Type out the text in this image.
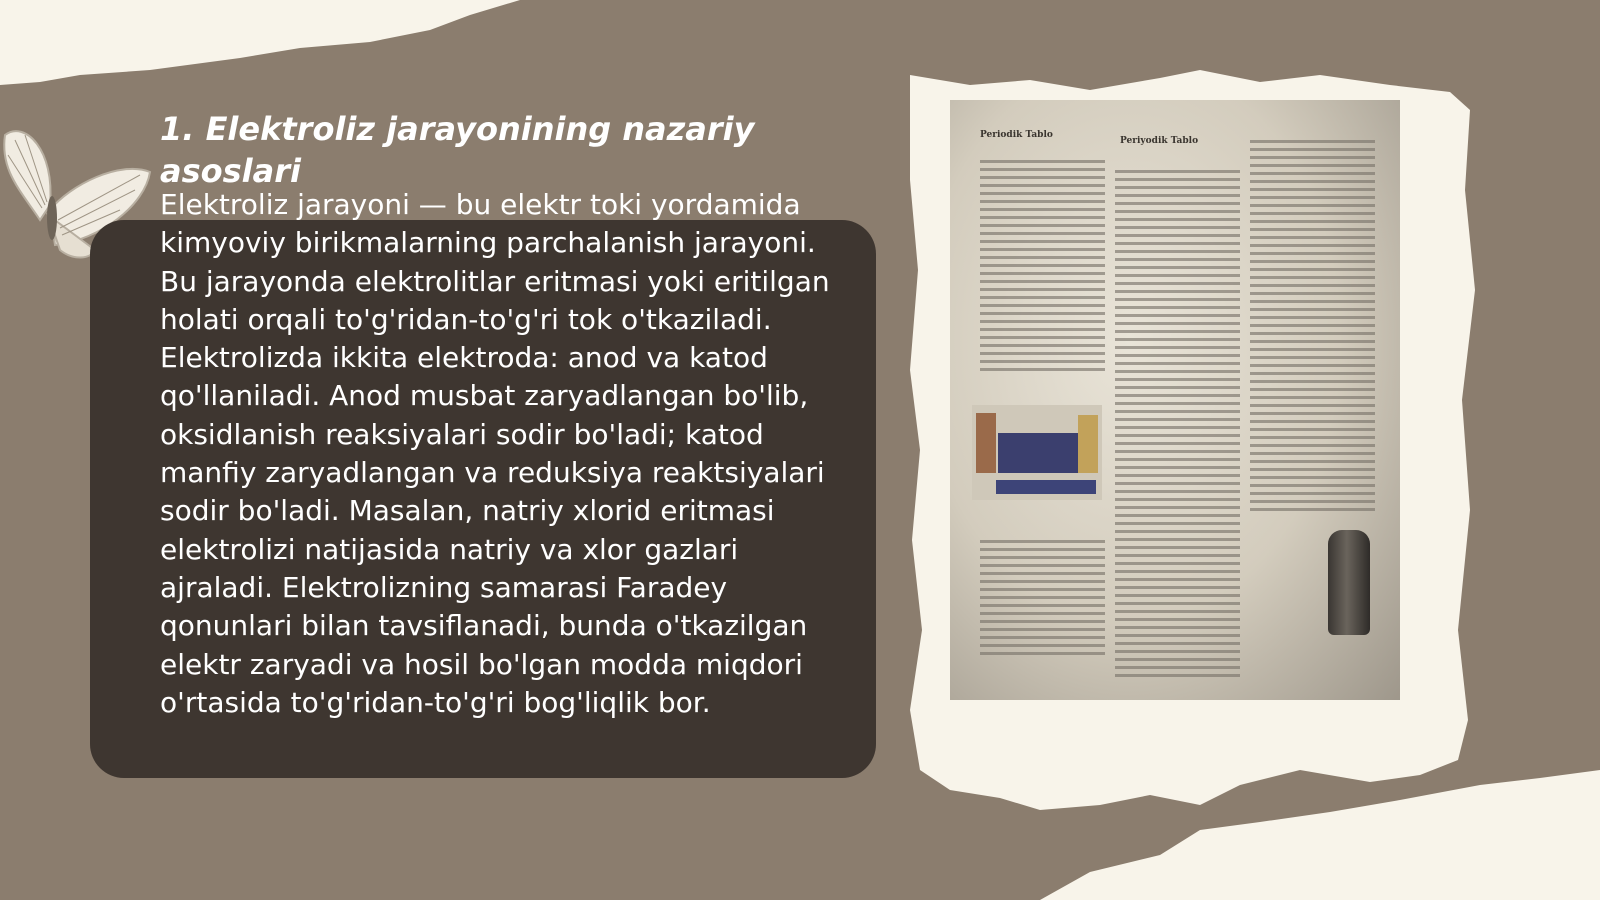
1. Elektroliz jarayonining nazariy asoslari

Elektroliz jarayoni — bu elektr toki yordamida kimyoviy birikmalarning parchalanish jarayoni. Bu jarayonda elektrolitlar eritmasi yoki eritilgan holati orqali to'g'ridan-to'g'ri tok o'tkaziladi. Elektrolizda ikkita elektroda: anod va katod qo'llaniladi. Anod musbat zaryadlangan bo'lib, oksidlanish reaksiyalari sodir bo'ladi; katod manfiy zaryadlangan va reduksiya reaktsiyalari sodir bo'ladi. Masalan, natriy xlorid eritmasi elektrolizi natijasida natriy va xlor gazlari ajraladi. Elektrolizning samarasi Faradey qonunlari bilan tavsiflanadi, bunda o'tkazilgan elektr zaryadi va hosil bo'lgan modda miqdori o'rtasida to'g'ridan-to'g'ri bog'liqlik bor.

Periodik Tablo
Periyodik Tablo
